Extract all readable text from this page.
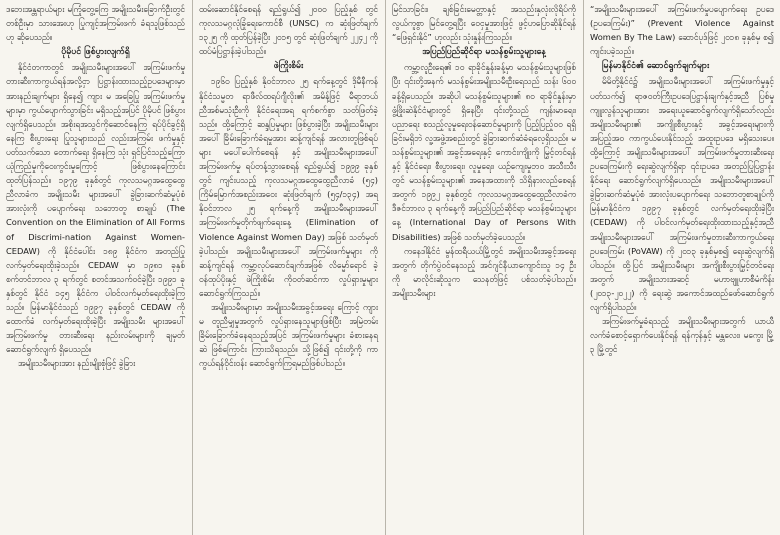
ဒ​ဘေးအန္တရာယ်များ မကြုံတွေ့ကြေ​ အမျိုးသမီးခြောက်ဦးတွင် တစ်ဦးမှာ သားအေးဟု ပြုကျင့်အကြမ်းဖက် ခံရသူဖြစ်သည်ဟု ဆိုပေသည်။

ပိုမိုပင် ဖြစ်ပွားလျက်ရှိ

နိုင်ငံတကာတွင် အမျိုးသမီးများအပေါ် အကြမ်းဖက်မှု တားဆီးကာကွယ်ရန်အလို့ငှာ ပြဋ္ဌာန်းထားသည့်ဥပဒေများမှာ အားနည်းချက်များ ရှိနေ၍ ကျား မ အခြေပြု အကြမ်းဖက်မှုများမှာ ကွယ်ပျောက်သွားခြင်း မရှိသည့်အပြင် ပိုမိုပင် ဖြစ်ပွားလျက်ရှိပေသည်။ အစိုးရအသွင်ကိုဆောင်နေကြ ရပ်ပိုင်ခွင့်ရှိနေကြ စီးပွားရေး ပြုသူများသည် လည်းအကြမ်း ဖက်မှုနှင့်ပတ်သက်သော တောက်ရေး ရှိနေကြ သုံး ရှင်ပြင်သည့်ကြော ယုံကြည်မှုကိုဝေးကွင်းမှုကြောင့် ဖြစ်ပွားနေကြောင်း ထုတ်ပြန်သည်။ ၁၉၇၉ ခုနှစ်တွင် ကုလသမဂ္ဂအထွေထွေညီလာခံက အမျိုးသမီး များအပေါ် ခွဲခြားဆက်ဆံမှုပုံစံအားလုံးကို ပပျောက်ရေး သဘောတူ စာချုပ် (The Convention on the Elimination of All Forms of Discrimi-nation Against Women- CEDAW) ကို နိုင်ငံပေါင်း ၁၈၉ နိုင်ငံက အတည်ပြု လက်မှတ်ရေးထိုးခဲ့သည်။ CEDAW မှာ ၁၉၈၁ ခုနှစ် စက်တင်ဘာလ ၃ ရက်တွင် စတင်အသက်ဝင်ခဲ့ပြီး ၁၉၉၁ ခုနှစ်တွင် နိုင်ငံ ၁၄၅ နိုင်ငံက ပါဝင်လက်မှတ်ရေးထိုးခဲ့ကြသည်။ မြန်မာနိုင်ငံသည် ၁၉၉၇ ခုနှစ်တွင် CEDAW ကို ထောက်ခံ လက်မှတ်ရေးထိုးခဲ့ပြီး အမျိုးသမီး များအပေါ် အကြမ်းဖက်မှု တားဆီးရေး နည်းလမ်းများကို ချမှတ်ဆောင်ရွက်လျက် ရှိပေသည်။

အမျိုးသမီးများအား နည်းမျိုးစုံဖြင့် ခွဲခြား

ထမ်းဆောင်နိုင်စေရန် ရည်ရွယ်၍ ၂၀၀၀ ပြည့်နှစ် တွင် ကုလသမဂ္ဂလုံခြုံရေးကောင်စီ (UNSC) က ဆုံးဖြတ်ချက် ၁၃၂၅ ကို ထုတ်ပြန်ခဲ့ပြီး ၂၀၁၅ တွင် ဆုံးဖြတ်ချက် ၂၂၄၂ ကို ထပ်မံပြဋ္ဌာန်းခဲ့ပါသည်။

ဖဲကြိုးစိမ်း

၁၉၆၀ ပြည့်နှစ် နိုဝင်ဘာလ ၂၅ ရက်နေ့တွင် ဒိုမီနီကန်နိုင်ငံသမ္မတ ရာဖီလ်ထရပ်ဂျီလိုး၏ အမိန့်ဖြင့် မီရာဘယ် ညီအစ်မသုံးဦးကို နိုင်ငံရေးအရ ရက်စက်စွာ သတ်ဖြတ်ခဲ့သည်။ ထို့ကြောင့် ဆန္ဒပြမှုများ ဖြစ်ပွားခဲ့ပြီး အမျိုးသမီးများအပေါ် ခြိမ်းခြောက်ခံရမှုအား ဆန့်ကျင်ရန် အလားတူဖြစ်ရပ်များ မပေါ်ပေါက်စေရန် နှင့် အမျိုးသမီးများအပေါ် အကြမ်းဖက်မှု ရပ်တန့်သွားစေရန် ရည်ရွယ်၍ ၁၉၉၉ ခုနှစ်တွင် ကျင်းပသည့် ကုလသမဂ္ဂအထွေထွေညီလာခံ (၅၄) ကြိမ်မြောက်အစည်းအဝေး ဆုံးဖြတ်ချက် (၅၄/၁၃၄) အရ နိုဝင်ဘာလ ၂၅ ရက်နေ့ကို အမျိုးသမီးများအပေါ် အကြမ်းဖက်မှုတိုက်ဖျက်ရေးနေ့ (Elimination of Violence Against Women Day) အဖြစ် သတ်မှတ်ခဲ့ပါသည်။ အမျိုးသမီးများအပေါ် အကြမ်းဖက်မှုများ ကိုဆန့်ကျင်ရန် ကမ္ဘာ့လုပ်ဆောင်ချက်အဖြစ် လိမ္မော်ရောင် ခဲ့ဝန်ထုပ်ပိုးနှင့် ဖဲကြိုးစိမ်း ကိုဝတ်ဆင်ကာ လှုပ်ရှားမှုများဆောင်ရွက်ကြသည်။

အမျိုးသမီးများမှာ အမျိုးသမီးအခွင့်အရေး ကြောင့် ကျား မ တူညီမျှမှုအတွက် လှုပ်ရှားနေသူများဖြစ်ပြီး အမြဲတမ်း ခြိမ်းခြောက်ခံနေရသည့်အပြင် အကြမ်းဖက်မှုများ ခံစားနေရဆဲ ဖြစ်ကြောင်း ကြားသိရသည်။ သို့ဖြစ်၍ ၎င်းတို့ကို ကာကွယ်ရန်ဝိုင်းဝန်း ဆောင်ရွက်ကြရမည်ဖြစ်ပါသည်။

မြင်သာခြင်း၊ ချစ်ခြင်းမေတ္တာနှင့် အသည်းနှလုံးလိုရိပ်ကို လွယ်ကူစွာ မြင်တွေ့ရပြီး ဝေငှမှုအားဖြင့် ဖွင့်ဟပြောဆိုနိုင်ရန် “ဖြေရှင်းနိုင်” ဟုလည်း သုံးနှုန်းကြသည်။

အပြည်ပြည်ဆိုင်ရာ မသန်စွမ်းသူများနေ့

ကမ္ဘာ့လူဦးရေ၏ ၁၀ ရာခိုင်နှုန်းခန့်မှာ မသန်စွမ်းသူများဖြစ်ပြီး ၎င်းတို့အနက် မသန်စွမ်းအမျိုးသမီးဦးရေသည် သန်း ၆၀၀ ခန့်ရှိပေသည်။ အဆိုပါ မသန်စွမ်းသူများ၏ ၈၀ ရာခိုင်နှုန်းမှာ ဖွံ့ဖြိုးဆဲနိုင်ငံများတွင် ရှိနေပြီး ၎င်းတို့သည် ကျန်းမာရေး၊ ပညာရေး စသည့်လူမှုရေးဝန်ဆောင်မှုများကို ပြည့်ပြည့်ဝဝ ရရှိခြင်းမရှိဘဲ လူ့အဖွဲ့အစည်းတွင် ခွဲခြားဆက်ဆံခံရလေ့ရှိသည်။ မသန်စွမ်းသူများ၏ အခွင့်အရေးနှင့် ကောင်းကျိုးကို မြှင့်တင်ရန်နှင့် နိုင်ငံရေး၊ စီးပွားရေး၊ လူမှုရေး၊ ယဉ်ကျေးမှုဘဝ အသီးသီးတွင် မသန်စွမ်းသူများ၏ အနေအထားကို သိရှိနားလည်စေရန်အတွက် ၁၉၉၂ ခုနှစ်တွင် ကုလသမဂ္ဂအထွေထွေညီလာခံက ဒီဇင်ဘာလ ၃ ရက်နေ့ကို အပြည်ပြည်ဆိုင်ရာ မသန်စွမ်းသူများနေ့ (International Day of Persons With Disabilities) အဖြစ် သတ်မှတ်ခဲ့ပေသည်။

ကနေဒါနိုင်ငံ မွန်ထရီယယ်မြို့တွင် အမျိုးသမီးအခွင့်အရေးအတွက် တိုက်ပွဲဝင်နေသည့် အင်ဂျင်နီယာကျောင်းသူ ၁၄ ဦးကို မာလိုင်းဆိုသူက သေနတ်ဖြင့် ပစ်သတ်ခဲ့ပါသည်။ အမျိုးသမီးများ

“အမျိုးသမီးများအပေါ် အကြမ်းဖက်မှုပပျောက်ရေး ဥပဒေ (ဥပဒေကြမ်း)” (Prevent Violence Against Women By The Law) ဆောင်ပုဒ်ဖြင့် ၂၀၁၈ ခုနှစ်မှ စ၍ ကျင်းပခဲ့သည်။

မြန်မာနိုင်ငံ၏ ဆောင်ရွက်ချက်များ

မိမိတို့နိုင်ငံ၌ အမျိုးသမီးများအပေါ် အကြမ်းဖက်မှုနှင့် ပတ်သက်၍ ရာဇဝတ်ကြီးဥပဒေပြဋ္ဌာန်းချက်နှင့်အညီ ပြစ်မှုကျူးလွန်သူများအား အရေးယူဆောင်ရွက်လျက်ရှိသော်လည်း အမျိုးသမီးများ၏ အကျိုးစီးပွားနှင့် အခွင့်အရေးများကို အပြည့်အဝ ကာကွယ်ပေးနိုင်သည့် အထူးဥပဒေ မရှိသေးပေ။ ထို့ကြောင့် အမျိုးသမီးများအပေါ် အကြမ်းဖက်မှုတားဆီးရေး ဥပဒေကြမ်းကို ရေးဆွဲလျက်ရှိရာ ၎င်းဥပဒေ အတည်ပြုပြဋ္ဌာန်းနိုင်ရေး ဆောင်ရွက်လျက်ရှိပေသည်။ အမျိုးသမီးများအပေါ် ခွဲခြားဆက်ဆံမှုပုံစံ အားလုံးပပျောက်ရေး သဘောတူစာချုပ်ကို မြန်မာနိုင်ငံက ၁၉၉၇ ခုနှစ်တွင် လက်မှတ်ရေးထိုးခဲ့ပြီး (CEDAW) ကို ပါဝင်လက်မှတ်ရေးထိုးထားသည့်နှင့်အညီ အမျိုးသမီးများအပေါ် အကြမ်းဖက်မှုတားဆီးကာကွယ်ရေး ဥပဒေကြမ်း (PoVAW) ကို ၂၀၁၃ ခုနှစ်မှစ၍ ရေးဆွဲလျက်ရှိပါသည်။ ထို့ပြင် အမျိုးသမီးများ အကျိုးစီးပွားမြှင့်တင်ရေးအတွက် အမျိုးသားအဆင့် မဟာဗျူဟာစီမံကိန်း (၂၀၁၃-၂၀၂၂) ကို ရေးဆွဲ အကောင်အထည်ဖော်ဆောင်ရွက်လျက်ရှိပါသည်။

အကြမ်းဖက်မှုခံရသည့် အမျိုးသမီးများအတွက် ယာယီလက်ခံစောင့်ရှောက်ပေးနိုင်ရန် ရန်ကုန်နှင့် မန္တလေး၊ မကွေး မြို့ ၃ မြို့တွင်
